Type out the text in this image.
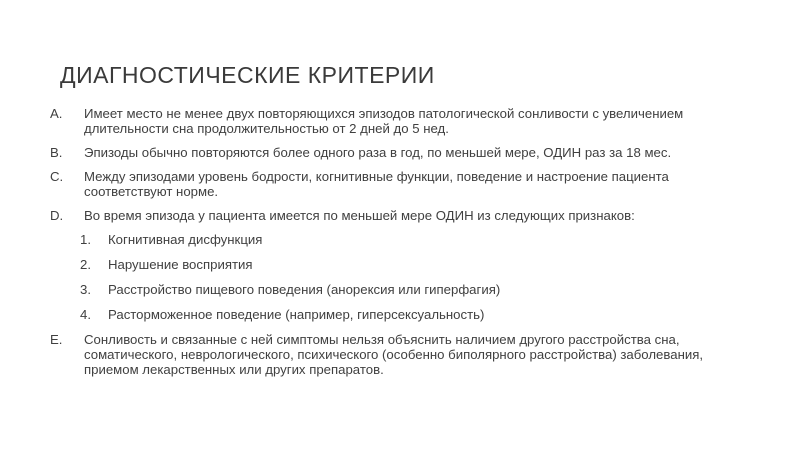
ДИАГНОСТИЧЕСКИЕ КРИТЕРИИ
A.	Имеет место не менее двух повторяющихся эпизодов патологической сонливости с увеличением длительности сна продолжительностью от 2 дней до 5 нед.
B.	Эпизоды обычно повторяются более одного раза в год, по меньшей мере, ОДИН раз за 18 мес.
C.	Между эпизодами уровень бодрости, когнитивные функции, поведение и настроение пациента соответствуют норме.
D.	Во время эпизода у пациента имеется по меньшей мере ОДИН из следующих признаков:
1.	Когнитивная дисфункция
2.	Нарушение восприятия
3.	Расстройство пищевого поведения (анорексия или гиперфагия)
4.	Расторможенное поведение (например, гиперсексуальность)
E.	Сонливость и связанные с ней симптомы нельзя объяснить наличием другого расстройства сна, соматического, неврологического, психического (особенно биполярного расстройства) заболевания, приемом лекарственных или других препаратов.
